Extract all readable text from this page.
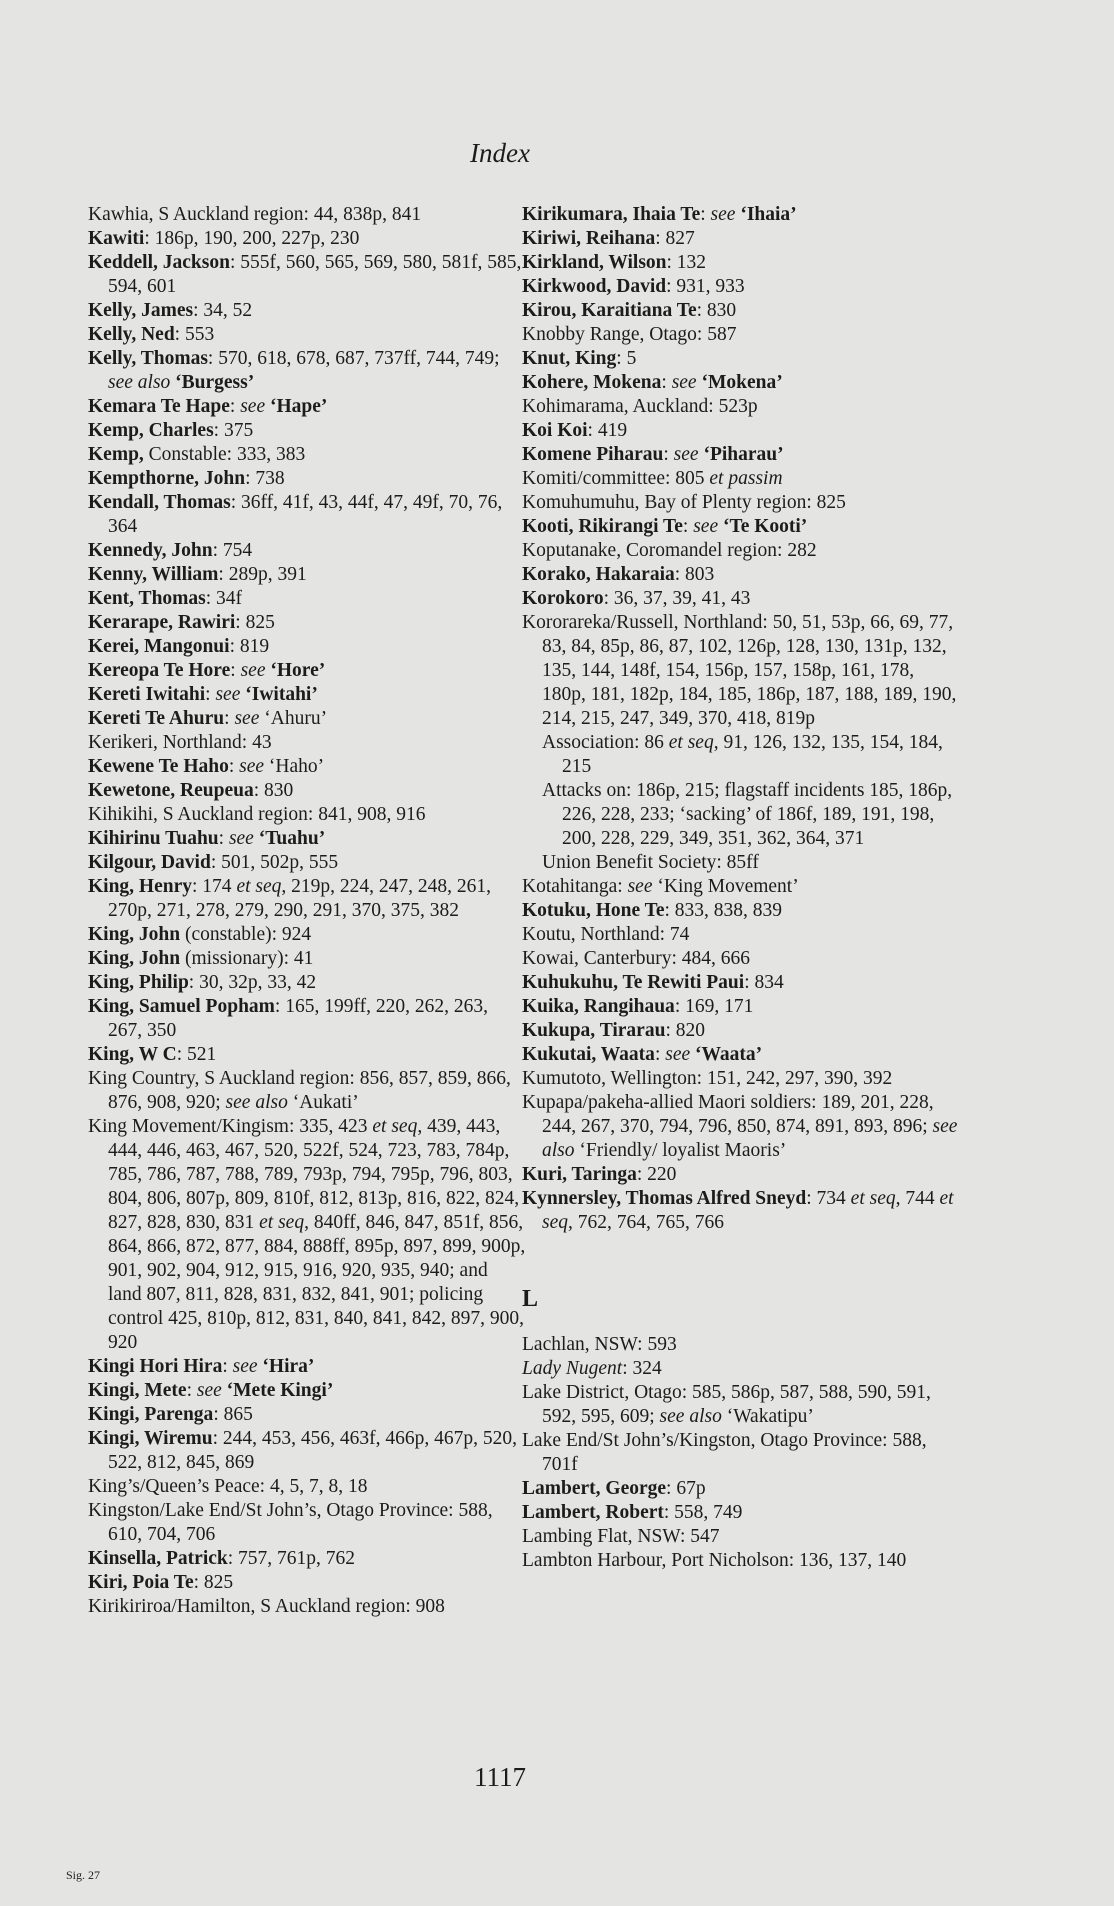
Index
Kawhia, S Auckland region: 44, 838p, 841
Kawiti: 186p, 190, 200, 227p, 230
Keddell, Jackson: 555f, 560, 565, 569, 580, 581f, 585, 594, 601
Kelly, James: 34, 52
Kelly, Ned: 553
Kelly, Thomas: 570, 618, 678, 687, 737ff, 744, 749; see also ‘Burgess’
Kemara Te Hape: see ‘Hape’
Kemp, Charles: 375
Kemp, Constable: 333, 383
Kempthorne, John: 738
Kendall, Thomas: 36ff, 41f, 43, 44f, 47, 49f, 70, 76, 364
Kennedy, John: 754
Kenny, William: 289p, 391
Kent, Thomas: 34f
Kerarape, Rawiri: 825
Kerei, Mangonui: 819
Kereopa Te Hore: see ‘Hore’
Kereti Iwitahi: see ‘Iwitahi’
Kereti Te Ahuru: see ‘Ahuru’
Kerikeri, Northland: 43
Kewene Te Haho: see ‘Haho’
Kewetone, Reupeua: 830
Kihikihi, S Auckland region: 841, 908, 916
Kihirinu Tuahu: see ‘Tuahu’
Kilgour, David: 501, 502p, 555
King, Henry: 174 et seq, 219p, 224, 247, 248, 261, 270p, 271, 278, 279, 290, 291, 370, 375, 382
King, John (constable): 924
King, John (missionary): 41
King, Philip: 30, 32p, 33, 42
King, Samuel Popham: 165, 199ff, 220, 262, 263, 267, 350
King, W C: 521
King Country, S Auckland region: 856, 857, 859, 866, 876, 908, 920; see also ‘Aukati’
King Movement/Kingism: 335, 423 et seq, 439, 443, 444, 446, 463, 467, 520, 522f, 524, 723, 783, 784p, 785, 786, 787, 788, 789, 793p, 794, 795p, 796, 803, 804, 806, 807p, 809, 810f, 812, 813p, 816, 822, 824, 827, 828, 830, 831 et seq, 840ff, 846, 847, 851f, 856, 864, 866, 872, 877, 884, 888ff, 895p, 897, 899, 900p, 901, 902, 904, 912, 915, 916, 920, 935, 940; and land 807, 811, 828, 831, 832, 841, 901; policing control 425, 810p, 812, 831, 840, 841, 842, 897, 900, 920
Kingi Hori Hira: see ‘Hira’
Kingi, Mete: see ‘Mete Kingi’
Kingi, Parenga: 865
Kingi, Wiremu: 244, 453, 456, 463f, 466p, 467p, 520, 522, 812, 845, 869
King’s/Queen’s Peace: 4, 5, 7, 8, 18
Kingston/Lake End/St John’s, Otago Province: 588, 610, 704, 706
Kinsella, Patrick: 757, 761p, 762
Kiri, Poia Te: 825
Kirikiriroa/Hamilton, S Auckland region: 908
Kirikumara, Ihaia Te: see ‘Ihaia’
Kiriwi, Reihana: 827
Kirkland, Wilson: 132
Kirkwood, David: 931, 933
Kirou, Karaitiana Te: 830
Knobby Range, Otago: 587
Knut, King: 5
Kohere, Mokena: see ‘Mokena’
Kohimarama, Auckland: 523p
Koi Koi: 419
Komene Piharau: see ‘Piharau’
Komiti/committee: 805 et passim
Komuhumuhu, Bay of Plenty region: 825
Kooti, Rikirangi Te: see ‘Te Kooti’
Koputanake, Coromandel region: 282
Korako, Hakaraia: 803
Korokoro: 36, 37, 39, 41, 43
Kororareka/Russell, Northland: 50, 51, 53p, 66, 69, 77, 83, 84, 85p, 86, 87, 102, 126p, 128, 130, 131p, 132, 135, 144, 148f, 154, 156p, 157, 158p, 161, 178, 180p, 181, 182p, 184, 185, 186p, 187, 188, 189, 190, 214, 215, 247, 349, 370, 418, 819p
Association: 86 et seq, 91, 126, 132, 135, 154, 184, 215
Attacks on: 186p, 215; flagstaff incidents 185, 186p, 226, 228, 233; ‘sacking’ of 186f, 189, 191, 198, 200, 228, 229, 349, 351, 362, 364, 371
Union Benefit Society: 85ff
Kotahitanga: see ‘King Movement’
Kotuku, Hone Te: 833, 838, 839
Koutu, Northland: 74
Kowai, Canterbury: 484, 666
Kuhukuhu, Te Rewiti Paui: 834
Kuika, Rangihaua: 169, 171
Kukupa, Tirarau: 820
Kukutai, Waata: see ‘Waata’
Kumutoto, Wellington: 151, 242, 297, 390, 392
Kupapa/pakeha-allied Maori soldiers: 189, 201, 228, 244, 267, 370, 794, 796, 850, 874, 891, 893, 896; see also ‘Friendly/ loyalist Maoris’
Kuri, Taringa: 220
Kynnersley, Thomas Alfred Sneyd: 734 et seq, 744 et seq, 762, 764, 765, 766
L
Lachlan, NSW: 593
Lady Nugent: 324
Lake District, Otago: 585, 586p, 587, 588, 590, 591, 592, 595, 609; see also ‘Wakatipu’
Lake End/St John’s/Kingston, Otago Province: 588, 701f
Lambert, George: 67p
Lambert, Robert: 558, 749
Lambing Flat, NSW: 547
Lambton Harbour, Port Nicholson: 136, 137, 140
1117
Sig. 27
